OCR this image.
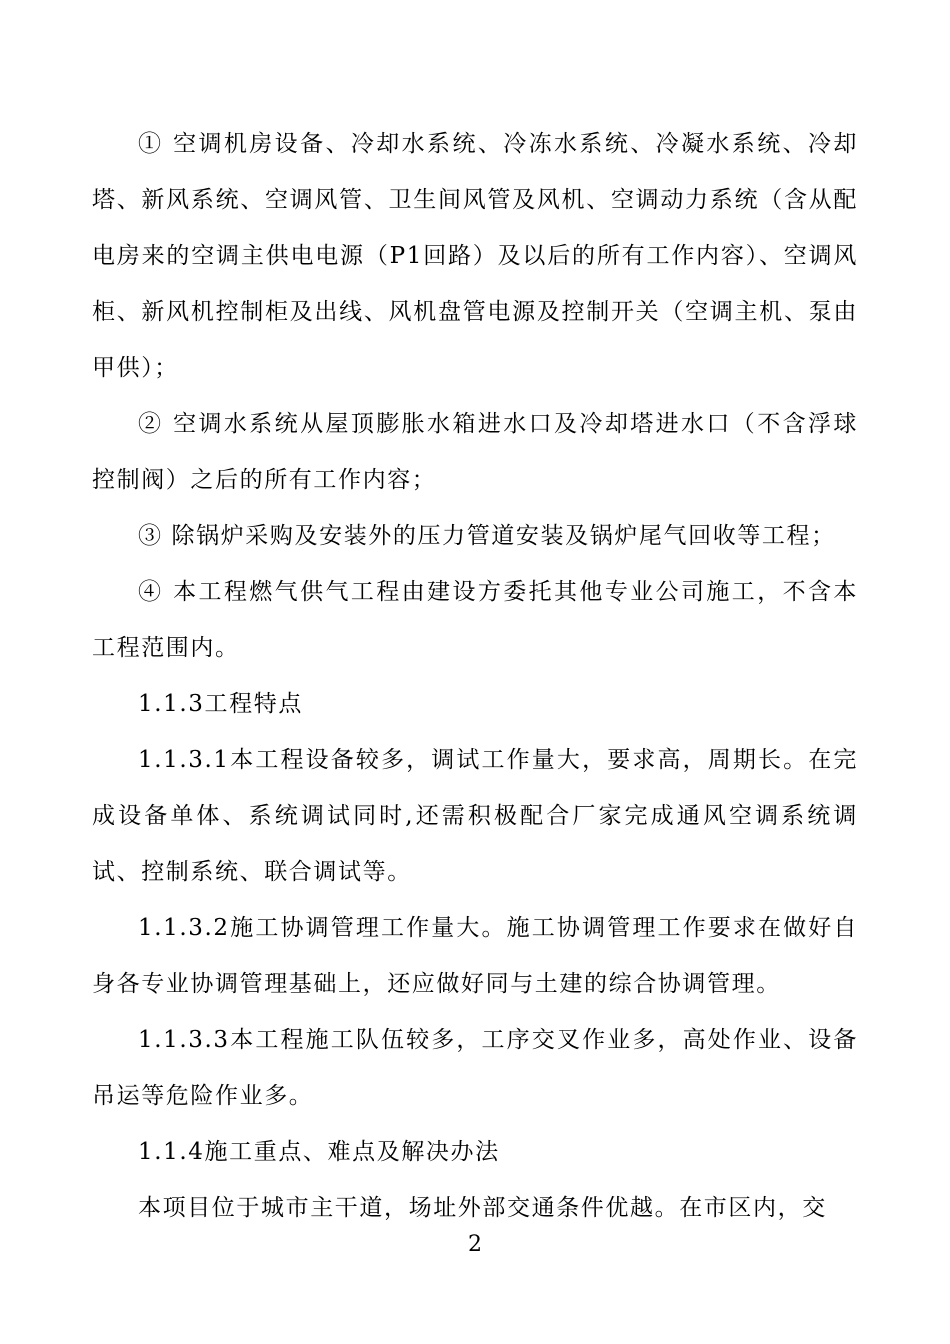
① 空调机房设备、冷却水系统、冷冻水系统、冷凝水系统、冷却塔、新风系统、空调风管、卫生间风管及风机、空调动力系统（含从配电房来的空调主供电电源（P1回路）及以后的所有工作内容）、空调风柜、新风机控制柜及出线、风机盘管电源及控制开关（空调主机、泵由甲供）；

② 空调水系统从屋顶膨胀水箱进水口及冷却塔进水口（不含浮球控制阀）之后的所有工作内容；

③ 除锅炉采购及安装外的压力管道安装及锅炉尾气回收等工程；

④ 本工程燃气供气工程由建设方委托其他专业公司施工，不含本工程范围内。

1.1.3工程特点

1.1.3.1本工程设备较多，调试工作量大，要求高，周期长。在完成设备单体、系统调试同时,还需积极配合厂家完成通风空调系统调试、控制系统、联合调试等。

1.1.3.2施工协调管理工作量大。施工协调管理工作要求在做好自身各专业协调管理基础上，还应做好同与土建的综合协调管理。

1.1.3.3本工程施工队伍较多，工序交叉作业多，高处作业、设备吊运等危险作业多。

1.1.4施工重点、难点及解决办法

本项目位于城市主干道，场址外部交通条件优越。在市区内，交

2
